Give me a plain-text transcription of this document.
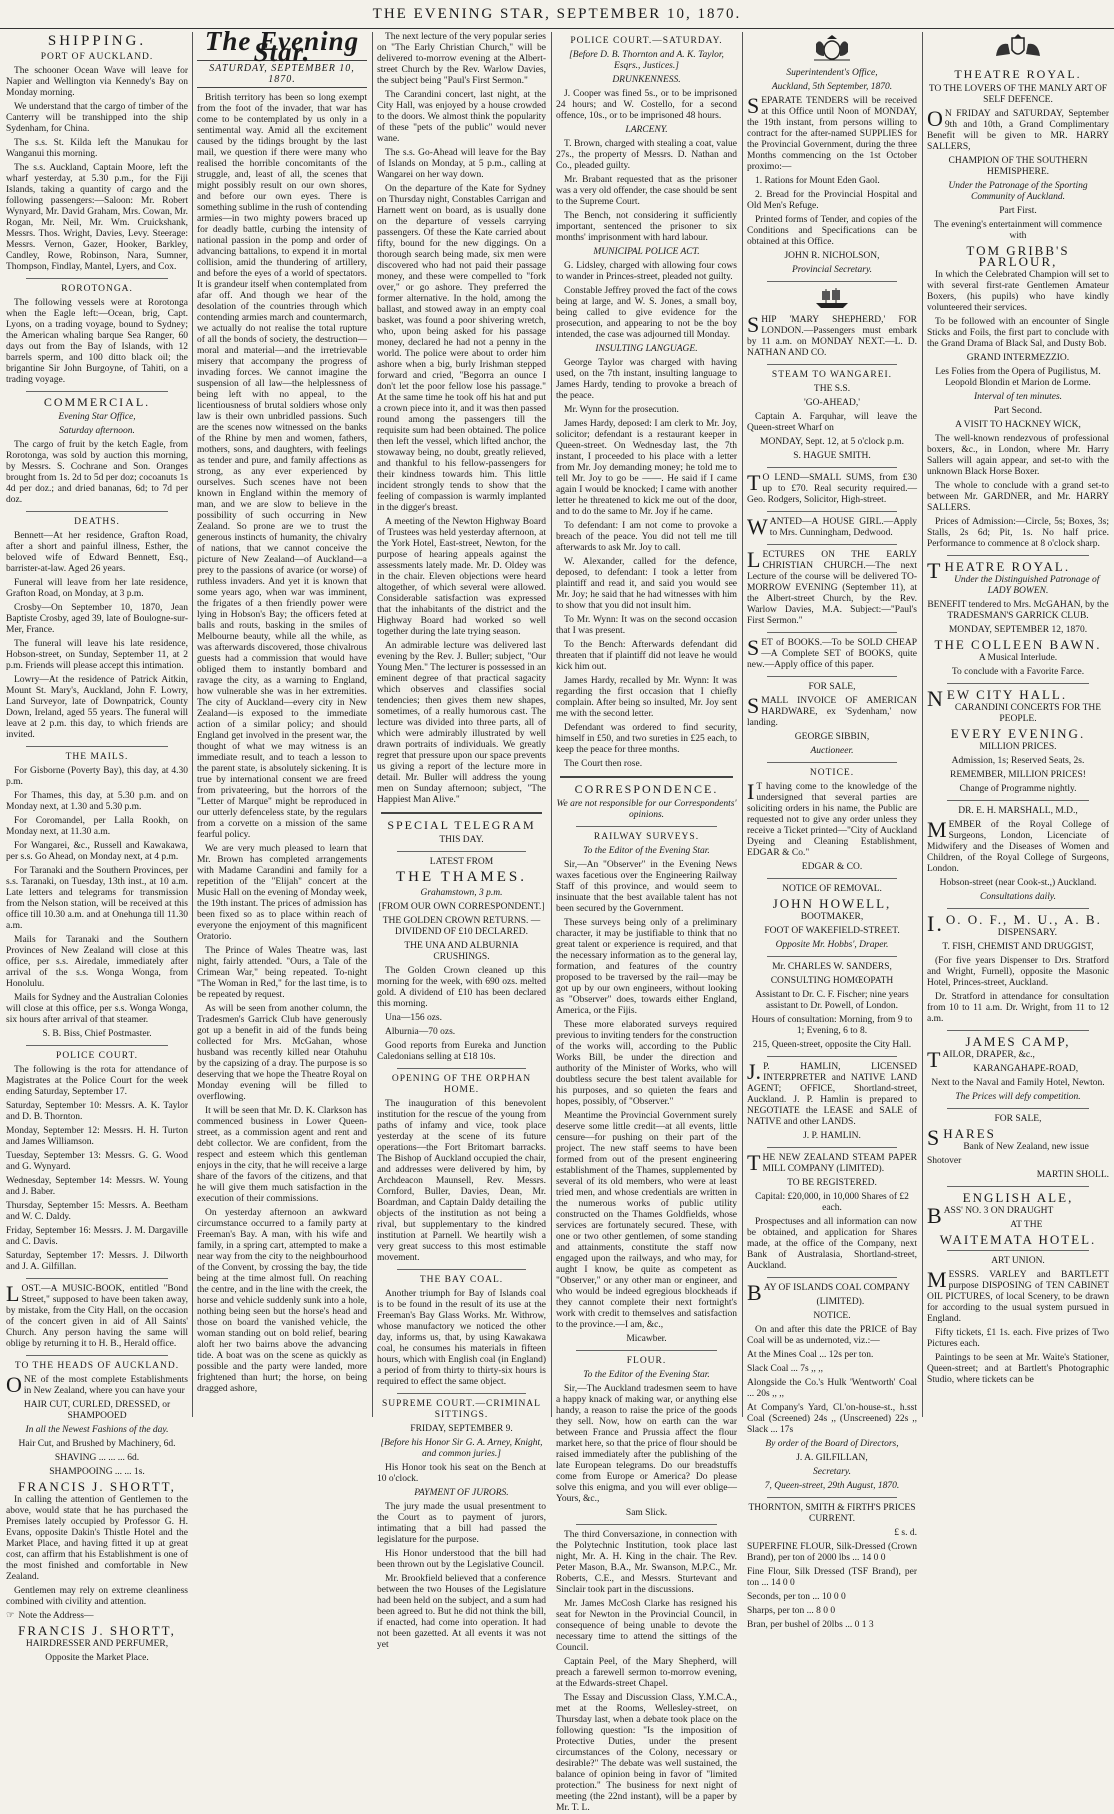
THE EVENING STAR, SEPTEMBER 10, 1870.
SHIPPING.
PORT OF AUCKLAND.

The schooner Ocean Wave will leave for Napier and Wellington via Kennedy's Bay on Monday morning.

We understand that the cargo of timber of the Canterry will be transhipped into the ship Sydenham, for China.

The s.s. St. Kilda left the Manukau for Wanganui this morning.

The s.s. Auckland, Captain Moore, left the wharf yesterday, at 5.30 p.m., for the Fiji Islands, taking a quantity of cargo and the following passengers:—Saloon: Mr. Robert Wynyard, Mr. David Graham, Mrs. Cowan, Mr. Rogan, Mr. Neil, Mr. Wm. Cruickshank, Messrs. Thos. Wright, Davies, Levy. Steerage: Messrs. Vernon, Gazer, Hooker, Barkley, Candley, Rowe, Robinson, Nara, Sumner, Thompson, Findlay, Mantel, Lyers, and Cox.

ROROTONGA.

The following vessels were at Rorotonga when the Eagle left:—Ocean, brig, Capt. Lyons, on a trading voyage, bound to Sydney; the American whaling barque Sea Ranger, 60 days out from the Bay of Islands, with 12 barrels sperm, and 100 ditto black oil; the brigantine Sir John Burgoyne, of Tahiti, on a trading voyage.

COMMERCIAL.

Evening Star Office,

Saturday afternoon.

The cargo of fruit by the ketch Eagle, from Rorotonga, was sold by auction this morning, by Messrs. S. Cochrane and Son. Oranges brought from 1s. 2d to 5d per doz; cocoanuts 1s 4d per doz.; and dried bananas, 6d; to 7d per doz.

DEATHS.

Bennett—At her residence, Grafton Road, after a short and painful illness, Esther, the beloved wife of Edward Bennett, Esq., barrister-at-law. Aged 26 years.

Funeral will leave from her late residence, Grafton Road, on Monday, at 3 p.m.

Crosby—On September 10, 1870, Jean Baptiste Crosby, aged 39, late of Boulogne-sur-Mer, France.

The funeral will leave his late residence, Hobson-street, on Sunday, September 11, at 2 p.m. Friends will please accept this intimation.

Lowry—At the residence of Patrick Aitkin, Mount St. Mary's, Auckland, John F. Lowry, Land Surveyor, late of Downpatrick, County Down, Ireland, aged 55 years. The funeral will leave at 2 p.m. this day, to which friends are invited.

THE MAILS.

For Gisborne (Poverty Bay), this day, at 4.30 p.m.

For Thames, this day, at 5.30 p.m. and on Monday next, at 1.30 and 5.30 p.m.

For Coromandel, per Lalla Rookh, on Monday next, at 11.30 a.m.

For Wangarei, &c., Russell and Kawakawa, per s.s. Go Ahead, on Monday next, at 4 p.m.

For Taranaki and the Southern Provinces, per s.s. Taranaki, on Tuesday, 13th inst., at 10 a.m. Late letters and telegrams for transmission from the Nelson station, will be received at this office till 10.30 a.m. and at Onehunga till 11.30 a.m.

Mails for Taranaki and the Southern Provinces of New Zealand will close at this office, per s.s. Airedale, immediately after arrival of the s.s. Wonga Wonga, from Honolulu.

Mails for Sydney and the Australian Colonies will close at this office, per s.s. Wonga Wonga, six hours after arrival of that steamer.

S. B. Biss, Chief Postmaster.

POLICE COURT.

The following is the rota for attendance of Magistrates at the Police Court for the week ending Saturday, September 17.

Saturday, September 10: Messrs. A. K. Taylor and D. B. Thornton.

Monday, September 12: Messrs. H. H. Turton and James Williamson.

Tuesday, September 13: Messrs. G. G. Wood and G. Wynyard.

Wednesday, September 14: Messrs. W. Young and J. Baber.

Thursday, September 15: Messrs. A. Beetham and W. C. Daldy.

Friday, September 16: Messrs. J. M. Dargaville and C. Davis.

Saturday, September 17: Messrs. J. Dilworth and J. A. Gilfillan.

LOST.—A MUSIC-BOOK, entitled "Bond Street," supposed to have been taken away, by mistake, from the City Hall, on the occasion of the concert given in aid of All Saints' Church. Any person having the same will oblige by returning it to H. B., Herald office.

TO THE HEADS OF AUCKLAND.

ONE of the most complete Establishments in New Zealand, where you can have your

HAIR CUT, CURLED, DRESSED, or SHAMPOOED

In all the Newest Fashions of the day.

Hair Cut, and Brushed by Machinery, 6d.

SHAVING ... ... ... 6d.

SHAMPOOING ... ... 1s.

FRANCIS J. SHORTT,

In calling the attention of Gentlemen to the above, would state that he has purchased the Premises lately occupied by Professor G. H. Evans, opposite Dakin's Thistle Hotel and the Market Place, and having fitted it up at great cost, can affirm that his Establishment is one of the most finished and comfortable in New Zealand.

Gentlemen may rely on extreme cleanliness combined with civility and attention.

☞ Note the Address—

FRANCIS J. SHORTT,

HAIRDRESSER AND PERFUMER,

Opposite the Market Place.

The Evening Star.
SATURDAY, SEPTEMBER 10, 1870.

British territory has been so long exempt from the foot of the invader, that war has come to be contemplated by us only in a sentimental way. Amid all the excitement caused by the tidings brought by the last mail, we question if there were many who realised the horrible concomitants of the struggle, and, least of all, the scenes that might possibly result on our own shores, and before our own eyes. There is something sublime in the rush of contending armies—in two mighty powers braced up for deadly battle, curbing the intensity of national passion in the pomp and order of advancing battalions, to expend it in mortal collision, amid the thundering of artillery, and before the eyes of a world of spectators. It is grandeur itself when contemplated from afar off. And though we hear of the desolation of the countries through which contending armies march and countermarch, we actually do not realise the total rupture of all the bonds of society, the destruction—moral and material—and the irretrievable misery that accompany the progress of invading forces. We cannot imagine the suspension of all law—the helplessness of being left with no appeal, to the licentiousness of brutal soldiers whose only law is their own unbridled passions. Such are the scenes now witnessed on the banks of the Rhine by men and women, fathers, mothers, sons, and daughters, with feelings as tender and pure, and family affections as strong, as any ever experienced by ourselves. Such scenes have not been known in England within the memory of man, and we are slow to believe in the possibility of such occurring in New Zealand. So prone are we to trust the generous instincts of humanity, the chivalry of nations, that we cannot conceive the picture of New Zealand—of Auckland—a prey to the passions of avarice (or worse) of ruthless invaders. And yet it is known that some years ago, when war was imminent, the frigates of a then friendly power were lying in Hobson's Bay; the officers feted at balls and routs, basking in the smiles of Melbourne beauty, while all the while, as was afterwards discovered, those chivalrous guests had a commission that would have obliged them to instantly bombard and ravage the city, as a warning to England, how vulnerable she was in her extremities. The city of Auckland—every city in New Zealand—is exposed to the immediate action of a similar policy; and should England get involved in the present war, the thought of what we may witness is an immediate result, and to teach a lesson to the parent state, is absolutely sickening. It is true by international consent we are freed from privateering, but the horrors of the "Letter of Marque" might be reproduced in our utterly defenceless state, by the regulars from a corvette on a mission of the same fearful policy.

We are very much pleased to learn that Mr. Brown has completed arrangements with Madame Carandini and family for a repetition of the "Elijah" concert at the Music Hall on the evening of Monday week, the 19th instant. The prices of admission has been fixed so as to place within reach of everyone the enjoyment of this magnificent Oratorio.

The Prince of Wales Theatre was, last night, fairly attended. "Ours, a Tale of the Crimean War," being repeated. To-night "The Woman in Red," for the last time, is to be repeated by request.

As will be seen from another column, the Tradesmen's Garrick Club have generously got up a benefit in aid of the funds being collected for Mrs. McGahan, whose husband was recently killed near Otahuhu by the capsizing of a dray. The purpose is so deserving that we hope the Theatre Royal on Monday evening will be filled to overflowing.

It will be seen that Mr. D. K. Clarkson has commenced business in Lower Queen-street, as a commission agent and rent and debt collector. We are confident, from the respect and esteem which this gentleman enjoys in the city, that he will receive a large share of the favors of the citizens, and that he will give them much satisfaction in the execution of their commissions.

On yesterday afternoon an awkward circumstance occurred to a family party at Freeman's Bay. A man, with his wife and family, in a spring cart, attempted to make a near way from the city to the neighbourhood of the Convent, by crossing the bay, the tide being at the time almost full. On reaching the centre, and in the line with the creek, the horse and vehicle suddenly sunk into a hole, nothing being seen but the horse's head and those on board the vanished vehicle, the woman standing out on bold relief, bearing aloft her two bairns above the advancing tide. A boat was on the scene as quickly as possible and the party were landed, more frightened than hurt; the horse, on being dragged ashore,

The next lecture of the very popular series on "The Early Christian Church," will be delivered to-morrow evening at the Albert-street Church by the Rev. Warlow Davies, the subject being "Paul's First Sermon."

The Carandini concert, last night, at the City Hall, was enjoyed by a house crowded to the doors. We almost think the popularity of these "pets of the public" would never wane.

The s.s. Go-Ahead will leave for the Bay of Islands on Monday, at 5 p.m., calling at Wangarei on her way down.

On the departure of the Kate for Sydney on Thursday night, Constables Carrigan and Harnett went on board, as is usually done on the departure of vessels carrying passengers. Of these the Kate carried about fifty, bound for the new diggings. On a thorough search being made, six men were discovered who had not paid their passage money, and these were compelled to "fork over," or go ashore. They preferred the former alternative. In the hold, among the ballast, and stowed away in an empty coal basket, was found a poor shivering wretch, who, upon being asked for his passage money, declared he had not a penny in the world. The police were about to order him ashore when a big, burly Irishman stepped forward and cried, "Begorra an ounce I don't let the poor fellow lose his passage." At the same time he took off his hat and put a crown piece into it, and it was then passed round among the passengers till the requisite sum had been obtained. The police then left the vessel, which lifted anchor, the stowaway being, no doubt, greatly relieved, and thankful to his fellow-passengers for their kindness towards him. This little incident strongly tends to show that the feeling of compassion is warmly implanted in the digger's breast.

A meeting of the Newton Highway Board of Trustees was held yesterday afternoon, at the York Hotel, East-street, Newton, for the purpose of hearing appeals against the assessments lately made. Mr. D. Oldey was in the chair. Eleven objections were heard altogether, of which several were allowed. Considerable satisfaction was expressed that the inhabitants of the district and the Highway Board had worked so well together during the late trying season.

An admirable lecture was delivered last evening by the Rev. J. Buller; subject, "Our Young Men." The lecturer is possessed in an eminent degree of that practical sagacity which observes and classifies social tendencies; then gives them new shapes, sometimes, of a really humorous cast. The lecture was divided into three parts, all of which were admirably illustrated by well drawn portraits of individuals. We greatly regret that pressure upon our space prevents us giving a report of the lecture more in detail. Mr. Buller will address the young men on Sunday afternoon; subject, "The Happiest Man Alive."

SPECIAL TELEGRAM

THIS DAY.

LATEST FROM

THE THAMES.

Grahamstown, 3 p.m.

[FROM OUR OWN CORRESPONDENT.]

THE GOLDEN CROWN RETURNS. —DIVIDEND OF £10 DECLARED.

THE UNA AND ALBURNIA CRUSHINGS.

The Golden Crown cleaned up this morning for the week, with 690 ozs. melted gold. A dividend of £10 has been declared this morning.

Una—156 ozs.

Alburnia—70 ozs.

Good reports from Eureka and Junction Caledonians selling at £18 10s.

OPENING OF THE ORPHAN HOME.

The inauguration of this benevolent institution for the rescue of the young from paths of infamy and vice, took place yesterday at the scene of its future operations—the Fort Britomart barracks. The Bishop of Auckland occupied the chair, and addresses were delivered by him, by Archdeacon Maunsell, Rev. Messrs. Cornford, Buller, Davies, Dean, Mr. Boardman, and Captain Daldy detailing the objects of the institution as not being a rival, but supplementary to the kindred institution at Parnell. We heartily wish a very great success to this most estimable movement.

THE BAY COAL.

Another triumph for Bay of Islands coal is to be found in the result of its use at the Freeman's Bay Glass Works. Mr. Withrow, whose manufactory we noticed the other day, informs us, that, by using Kawakawa coal, he consumes his materials in fifteen hours, which with English coal (in England) a period of from thirty to thirty-six hours is required to effect the same object.

SUPREME COURT.—CRIMINAL SITTINGS.

FRIDAY, SEPTEMBER 9.

[Before his Honor Sir G. A. Arney, Knight, and common juries.]

His Honor took his seat on the Bench at 10 o'clock.

PAYMENT OF JURORS.

The jury made the usual presentment to the Court as to payment of jurors, intimating that a bill had passed the legislature for the purpose.

His Honor understood that the bill had been thrown out by the Legislative Council.

Mr. Brookfield believed that a conference between the two Houses of the Legislature had been held on the subject, and a sum had been agreed to. But he did not think the bill, if enacted, had come into operation. It had not been gazetted. At all events it was not yet

POLICE COURT.—SATURDAY.

[Before D. B. Thornton and A. K. Taylor, Esqrs., Justices.]

DRUNKENNESS.

J. Cooper was fined 5s., or to be imprisoned 24 hours; and W. Costello, for a second offence, 10s., or to be imprisoned 48 hours.

LARCENY.

T. Brown, charged with stealing a coat, value 27s., the property of Messrs. D. Nathan and Co., pleaded guilty.

Mr. Brabant requested that as the prisoner was a very old offender, the case should be sent to the Supreme Court.

The Bench, not considering it sufficiently important, sentenced the prisoner to six months' imprisonment with hard labour.

MUNICIPAL POLICE ACT.

G. Lidsley, charged with allowing four cows to wander in Princes-street, pleaded not guilty.

Constable Jeffrey proved the fact of the cows being at large, and W. S. Jones, a small boy, being called to give evidence for the prosecution, and appearing to not be the boy intended, the case was adjourned till Monday.

INSULTING LANGUAGE.

George Taylor was charged with having used, on the 7th instant, insulting language to James Hardy, tending to provoke a breach of the peace.

Mr. Wynn for the prosecution.

James Hardy, deposed: I am clerk to Mr. Joy, solicitor; defendant is a restaurant keeper in Queen-street. On Wednesday last, the 7th instant, I proceeded to his place with a letter from Mr. Joy demanding money; he told me to tell Mr. Joy to go be ——. He said if I came again I would be knocked; I came with another letter he threatened to kick me out of the door, and to do the same to Mr. Joy if he came.

To defendant: I am not come to provoke a breach of the peace. You did not tell me till afterwards to ask Mr. Joy to call.

W. Alexander, called for the defence, deposed, to defendant: I took a letter from plaintiff and read it, and said you would see Mr. Joy; he said that he had witnesses with him to show that you did not insult him.

To Mr. Wynn: It was on the second occasion that I was present.

To the Bench: Afterwards defendant did threaten that if plaintiff did not leave he would kick him out.

James Hardy, recalled by Mr. Wynn: It was regarding the first occasion that I chiefly complain. After being so insulted, Mr. Joy sent me with the second letter.

Defendant was ordered to find security, himself in £50, and two sureties in £25 each, to keep the peace for three months.

The Court then rose.

CORRESPONDENCE.

We are not responsible for our Correspondents' opinions.

RAILWAY SURVEYS.

To the Editor of the Evening Star.

Sir,—An "Observer" in the Evening News waxes facetious over the Engineering Railway Staff of this province, and would seem to insinuate that the best available talent has not been secured by the Government.

These surveys being only of a preliminary character, it may be justifiable to think that no great talent or experience is required, and that the necessary information as to the general lay, formation, and features of the country proposed to be traversed by the rail—may be got up by our own engineers, without looking as "Observer" does, towards either England, America, or the Fijis.

These more elaborated surveys required previous to inviting tenders for the construction of the works will, according to the Public Works Bill, be under the direction and authority of the Minister of Works, who will doubtless secure the best talent available for his purposes, and so quieten the fears and hopes, possibly, of "Observer."

Meantime the Provincial Government surely deserve some little credit—at all events, little censure—for pushing on their part of the project. The new staff seems to have been formed from out of the present engineering establishment of the Thames, supplemented by several of its old members, who were at least tried men, and whose credentials are written in the numerous works of public utility constructed on the Thames Goldfields, whose services are fortunately secured. These, with one or two other gentlemen, of some standing and attainments, constitute the staff now engaged upon the railways, and who may, for aught I know, be quite as competent as "Observer," or any other man or engineer, and who would be indeed egregious blockheads if they cannot complete their next fortnight's work with credit to themselves and satisfaction to the province.—I am, &c.,

Micawber.

FLOUR.

To the Editor of the Evening Star.

Sir,—The Auckland tradesmen seem to have a happy knack of making war, or anything else handy, a reason to raise the price of the goods they sell. Now, how on earth can the war between France and Prussia affect the flour market here, so that the price of flour should be raised immediately after the publishing of the late European telegrams. Do our breadstuffs come from Europe or America? Do please solve this enigma, and you will ever oblige—Yours, &c.,

Sam Slick.

The third Conversazione, in connection with the Polytechnic Institution, took place last night, Mr. A. H. King in the chair. The Rev. Peter Mason, B.A., Mr. Swanson, M.P.C., Mr. Roberts, C.E., and Messrs. Sturtevant and Sinclair took part in the discussions.

Mr. James McCosh Clarke has resigned his seat for Newton in the Provincial Council, in consequence of being unable to devote the necessary time to attend the sittings of the Council.

Captain Peel, of the Mary Shepherd, will preach a farewell sermon to-morrow evening, at the Edwards-street Chapel.

The Essay and Discussion Class, Y.M.C.A., met at the Rooms, Wellesley-street, on Thursday last, when a debate took place on the following question: "Is the imposition of Protective Duties, under the present circumstances of the Colony, necessary or desirable?" The debate was well sustained, the balance of opinion being in favor of "limited protection." The business for next night of meeting (the 22nd instant), will be a paper by Mr. T. L.

Superintendent's Office,

Auckland, 5th September, 1870.

SEPARATE TENDERS will be received at this Office until Noon of MONDAY, the 19th instant, from persons willing to contract for the after-named SUPPLIES for the Provincial Government, during the three Months commencing on the 1st October proximo:—

1. Rations for Mount Eden Gaol.

2. Bread for the Provincial Hospital and Old Men's Refuge.

Printed forms of Tender, and copies of the Conditions and Specifications can be obtained at this Office.

JOHN R. NICHOLSON,

Provincial Secretary.

SHIP 'MARY SHEPHERD,' FOR LONDON.—Passengers must embark by 11 a.m. on MONDAY NEXT.—L. D. NATHAN AND CO.

STEAM TO WANGAREI.

THE S.S.

'GO-AHEAD,'

Captain A. Farquhar, will leave the Queen-street Wharf on

MONDAY, Sept. 12, at 5 o'clock p.m.

S. HAGUE SMITH.

TO LEND—SMALL SUMS, from £30 up to £70. Real security required.—Geo. Rodgers, Solicitor, High-street.

WANTED—A HOUSE GIRL.—Apply to Mrs. Cunningham, Dedwood.

LECTURES ON THE EARLY CHRISTIAN CHURCH.—The next Lecture of the course will be delivered TO-MORROW EVENING (September 11), at the Albert-street Church, by the Rev. Warlow Davies, M.A. Subject:—"Paul's First Sermon."

SET of BOOKS.—To be SOLD CHEAP —A Complete SET of BOOKS, quite new.—Apply office of this paper.

FOR SALE,

SMALL INVOICE OF AMERICAN HARDWARE, ex 'Sydenham,' now landing.

GEORGE SIBBIN,

Auctioneer.

NOTICE.

IT having come to the knowledge of the undersigned that several parties are soliciting orders in his name, the Public are requested not to give any order unless they receive a Ticket printed—"City of Auckland Dyeing and Cleaning Establishment, EDGAR & Co."

EDGAR & CO.

NOTICE OF REMOVAL.

JOHN HOWELL,

BOOTMAKER,

FOOT OF WAKEFIELD-STREET.

Opposite Mr. Hobbs', Draper.

Mr. CHARLES W. SANDERS,

CONSULTING HOMŒOPATH

Assistant to Dr. C. F. Fischer; nine years assistant to Dr. Powell, of London.

Hours of consultation: Morning, from 9 to 1; Evening, 6 to 8.

215, Queen-street, opposite the City Hall.

J.P. HAMLIN, LICENSED INTERPRETER and NATIVE LAND AGENT; OFFICE, Shortland-street, Auckland. J. P. Hamlin is prepared to NEGOTIATE the LEASE and SALE of NATIVE and other LANDS.

J. P. HAMLIN.

THE NEW ZEALAND STEAM PAPER MILL COMPANY (LIMITED).

TO BE REGISTERED.

Capital: £20,000, in 10,000 Shares of £2 each.

Prospectuses and all information can now be obtained, and application for Shares made, at the office of the Company, next Bank of Australasia, Shortland-street, Auckland.

BAY OF ISLANDS COAL COMPANY

(LIMITED).

NOTICE.

On and after this date the PRICE of Bay Coal will be as undernoted, viz.:—

At the Mines Coal ... 12s per ton.

Slack Coal ... 7s ,, ,,

Alongside the Co.'s Hulk 'Wentworth' Coal ... 20s ,, ,,

At Company's Yard, Cl.'on-house-st., h.sst Coal (Screened) 24s ,, (Unscreened) 22s ,, Slack ... 17s

By order of the Board of Directors,

J. A. GILFILLAN,

Secretary.

7, Queen-street, 29th August, 1870.

THORNTON, SMITH & FIRTH'S PRICES CURRENT.

£ s. d.

SUPERFINE FLOUR, Silk-Dressed (Crown Brand), per ton of 2000 lbs ... 14 0 0

Fine Flour, Silk Dressed (TSF Brand), per ton ... 14 0 0

Seconds, per ton ... 10 0 0

Sharps, per ton ... 8 0 0

Bran, per bushel of 20lbs ... 0 1 3

THEATRE ROYAL.

TO THE LOVERS OF THE MANLY ART OF SELF DEFENCE.

ON FRIDAY and SATURDAY, September 9th and 10th, a Grand Complimentary Benefit will be given to MR. HARRY SALLERS,

CHAMPION OF THE SOUTHERN HEMISPHERE.

Under the Patronage of the Sporting Community of Auckland.

Part First.

The evening's entertainment will commence with

TOM GRIBB'S PARLOUR,

In which the Celebrated Champion will set to with several first-rate Gentlemen Amateur Boxers, (his pupils) who have kindly volunteered their services.

To be followed with an encounter of Single Sticks and Foils, the first part to conclude with the Grand Drama of Black Sal, and Dusty Bob.

GRAND INTERMEZZIO.

Les Folies from the Opera of Pugilistus, M. Leopold Blondin et Marion de Lorme.

Interval of ten minutes.

Part Second.

A VISIT TO HACKNEY WICK,

The well-known rendezvous of professional boxers, &c., in London, where Mr. Harry Sallers will again appear, and set-to with the unknown Black Horse Boxer.

The whole to conclude with a grand set-to between Mr. GARDNER, and Mr. HARRY SALLERS.

Prices of Admission:—Circle, 5s; Boxes, 3s; Stalls, 2s 6d; Pit, 1s. No half price. Performance to commence at 8 o'clock sharp.

THEATRE ROYAL.

Under the Distinguished Patronage of LADY BOWEN.

BENEFIT tendered to Mrs. McGAHAN, by the TRADESMAN'S GARRICK CLUB.

MONDAY, SEPTEMBER 12, 1870.

THE COLLEEN BAWN.

A Musical Interlude.

To conclude with a Favorite Farce.

NEW CITY HALL.

CARANDINI CONCERTS FOR THE PEOPLE.

EVERY EVENING.

MILLION PRICES.

Admission, 1s; Reserved Seats, 2s.

REMEMBER, MILLION PRICES!

Change of Programme nightly.

DR. E. H. MARSHALL, M.D.,

MEMBER of the Royal College of Surgeons, London, Licenciate of Midwifery and the Diseases of Women and Children, of the Royal College of Surgeons, London.

Hobson-street (near Cook-st.,) Auckland.

Consultations daily.

I.O. O. F., M. U., A. B.

DISPENSARY.

T. FISH, CHEMIST AND DRUGGIST,

(For five years Dispenser to Drs. Stratford and Wright, Furnell), opposite the Masonic Hotel, Princes-street, Auckland.

Dr. Stratford in attendance for consultation from 10 to 11 a.m. Dr. Wright, from 11 to 12 a.m.

JAMES CAMP,

TAILOR, DRAPER, &c.,

KARANGAHAPE-ROAD,

Next to the Naval and Family Hotel, Newton.

The Prices will defy competition.

FOR SALE,

SHARES

Bank of New Zealand, new issue

Shotover

MARTIN SHOLL.

ENGLISH ALE,

BASS' NO. 3 ON DRAUGHT

AT THE

WAITEMATA HOTEL.

ART UNION.

MESSRS. VARLEY and BARTLETT purpose DISPOSING of TEN CABINET OIL PICTURES, of local Scenery, to be drawn for according to the usual system pursued in England.

Fifty tickets, £1 1s. each. Five prizes of Two Pictures each.

Paintings to be seen at Mr. Waite's Stationer, Queen-street; and at Bartlett's Photographic Studio, where tickets can be
